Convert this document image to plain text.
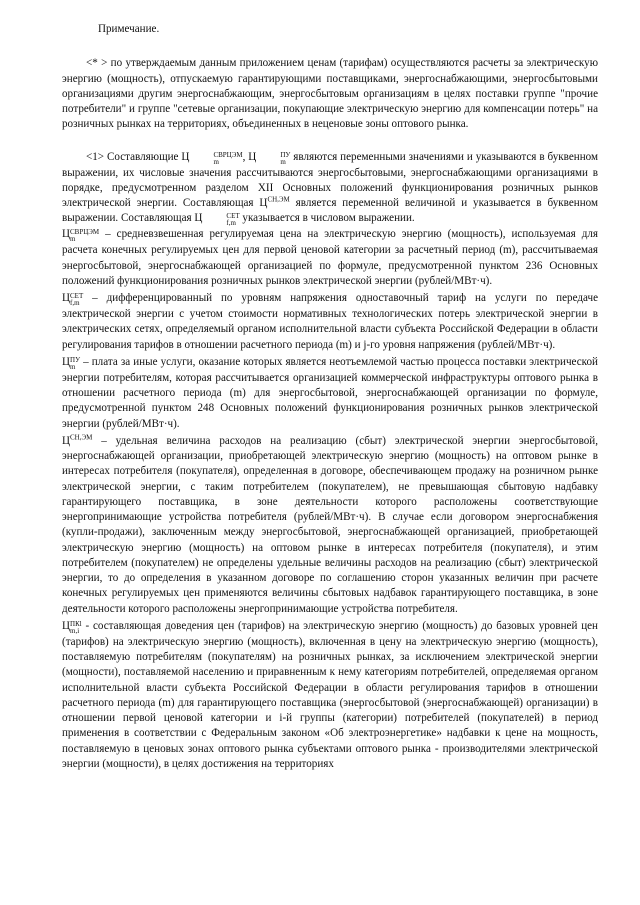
Примечание.

<* > по утверждаемым данным приложением ценам (тарифам) осуществляются расчеты за электрическую энергию (мощность), отпускаемую гарантирующими поставщиками, энергоснабжающими, энергосбытовыми организациями другим энергоснабжающим, энергосбытовым организациям в целях поставки группе "прочие потребители" и группе "сетевые организации, покупающие электрическую энергию для компенсации потерь" на розничных рынках на территориях, объединенных в неценовые зоны оптового рынка.

<1> Составляющие Ц	СВРЦЭМ
m	, Ц	ПУ
m являются переменными значениями и указываются в буквенном выражении, их числовые значения рассчитываются энергосбытовыми, энергоснабжающими организациями в порядке, предусмотренном разделом XII Основных положений функционирования розничных рынков электрической энергии. Составляющая $Ц^{СН,ЭМ}$ является переменной величиной и указывается в буквенном выражении. Составляющая Ц	СЕТ
f,m указывается в числовом выражении.

Ц СВРЦЭМ
m	– средневзвешенная регулируемая цена на электрическую энергию (мощность), используемая для расчета конечных регулируемых цен для первой ценовой категории за расчетный период (m), рассчитываемая энергосбытовой, энергоснабжающей организацией по формуле, предусмотренной пунктом 236 Основных положений функционирования розничных рынков электрической энергии (рублей/МВт·ч).

Ц СЕТ
f,m – дифференцированный по уровням напряжения одноставочный тариф на услуги по передаче электрической энергии с учетом стоимости нормативных технологических потерь электрической энергии в электрических сетях, определяемый органом исполнительной власти субъекта Российской Федерации в области регулирования тарифов в отношении расчетного периода (m) и j-го уровня напряжения (рублей/МВт·ч).

Ц ПУ
m – плата за иные услуги, оказание которых является неотъемлемой частью процесса поставки электрической энергии потребителям, которая рассчитывается организацией коммерческой инфраструктуры оптового рынка в отношении расчетного периода (m) для энергосбытовой, энергоснабжающей организации по формуле, предусмотренной пунктом 248 Основных положений функционирования розничных рынков электрической энергии (рублей/МВт·ч).

$Ц^{СН,ЭМ}$ – удельная величина расходов на реализацию (сбыт) электрической энергии энергосбытовой, энергоснабжающей организации, приобретающей электрическую энергию (мощность) на оптовом рынке в интересах потребителя (покупателя), определенная в договоре, обеспечивающем продажу на розничном рынке электрической энергии, с таким потребителем (покупателем), не превышающая сбытовую надбавку гарантирующего поставщика, в зоне деятельности которого расположены соответствующие энергопринимающие устройства потребителя (рублей/МВт·ч). В случае если договором энергоснабжения (купли-продажи), заключенным между энергосбытовой, энергоснабжающей организацией, приобретающей электрическую энергию (мощность) на оптовом рынке в интересах потребителя (покупателя), и этим потребителем (покупателем) не определены удельные величины расходов на реализацию (сбыт) электрической энергии, то до определения в указанном договоре по соглашению сторон указанных величин при расчете конечных регулируемых цен применяются величины сбытовых надбавок гарантирующего поставщика, в зоне деятельности которого расположены энергопринимающие устройства потребителя.

Ц ПКl
m,i - составляющая доведения цен (тарифов) на электрическую энергию (мощность) до базовых уровней цен (тарифов) на электрическую энергию (мощность), включенная в цену на электрическую энергию (мощность), поставляемую потребителям (покупателям) на розничных рынках, за исключением электрической энергии (мощности), поставляемой населению и приравненным к нему категориям потребителей, определяемая органом исполнительной власти субъекта Российской Федерации в области регулирования тарифов в отношении расчетного периода (m) для гарантирующего поставщика (энергосбытовой (энергоснабжающей) организации) в отношении первой ценовой категории и i-й группы (категории) потребителей (покупателей) в период применения в соответствии с Федеральным законом «Об электроэнергетике» надбавки к цене на мощность, поставляемую в ценовых зонах оптового рынка субъектами оптового рынка - производителями электрической энергии (мощности), в целях достижения на территориях
